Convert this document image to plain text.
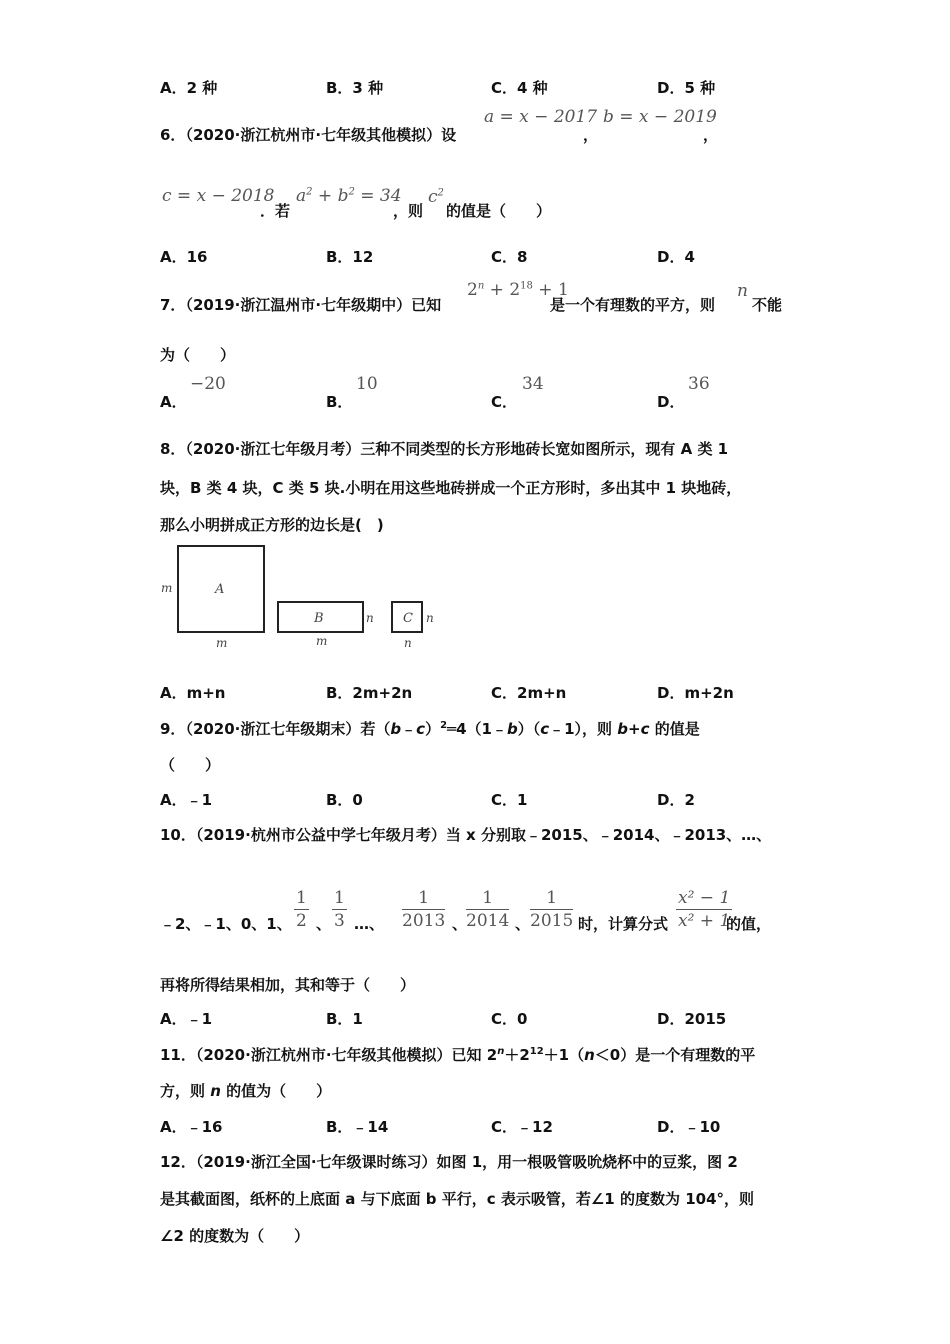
A．2 种	B．3 种	C．4 种	D．5 种
6．（2020·浙江杭州市·七年级其他模拟）设
a = x − 2017
，
b = x − 2019
，
c = x − 2018
．若
$a^2 + b^2 = 34$
，则
$c^2$
的值是（　　）
A．16	B．12	C．8	D．4
7．（2019·浙江温州市·七年级期中）已知
$2^n + 2^{18} + 1$
是一个有理数的平方，则
n
不能
为（　　）
A．
−20
B．
10
C．
34
D．
36
8．（2020·浙江七年级月考）三种不同类型的长方形地砖长宽如图所示，现有 A 类 1
块，B 类 4 块，C 类 5 块.小明在用这些地砖拼成一个正方形时，多出其中 1 块地砖，
那么小明拼成正方形的边长是(　)
A
m
m
B	n
m
C n
n
A．m+n	B．2m+2n	C．2m+n	D．m+2n
9．（2020·浙江七年级期末）若（b﹣c）$^2$═4（1﹣b）（c﹣1），则 b+c 的值是
（　　）
A．﹣1	B．0	C．1	D．2
10．（2019·杭州市公益中学七年级月考）当 x 分别取﹣2015、﹣2014、﹣2013、…、
﹣2、﹣1、0、1、 $\frac{1}{2}$ 、 $\frac{1}{3}$ …、 $\frac{1}{2013}$ 、
$\frac{1}{2014}$ 、 $\frac{1}{2015}$ 时，计算分式 $\frac{\text{x² − 1}}{\text{x² + 1}}$
的值，
再将所得结果相加，其和等于（　　）
A．﹣1	B．1	C．0	D．2015
11．（2020·浙江杭州市·七年级其他模拟）已知 $2^n+2^{12}+1(n<0)$是一个有理数的平
方，则 n 的值为（　　）
A．﹣16	B．﹣14	C．﹣12	D．﹣10
12．（2019·浙江全国·七年级课时练习）如图 1，用一根吸管吸吮烧杯中的豆浆，图 2
是其截面图，纸杯的上底面 a 与下底面 b 平行，c 表示吸管，若∠1 的度数为 104°，则
∠2 的度数为（　　）
